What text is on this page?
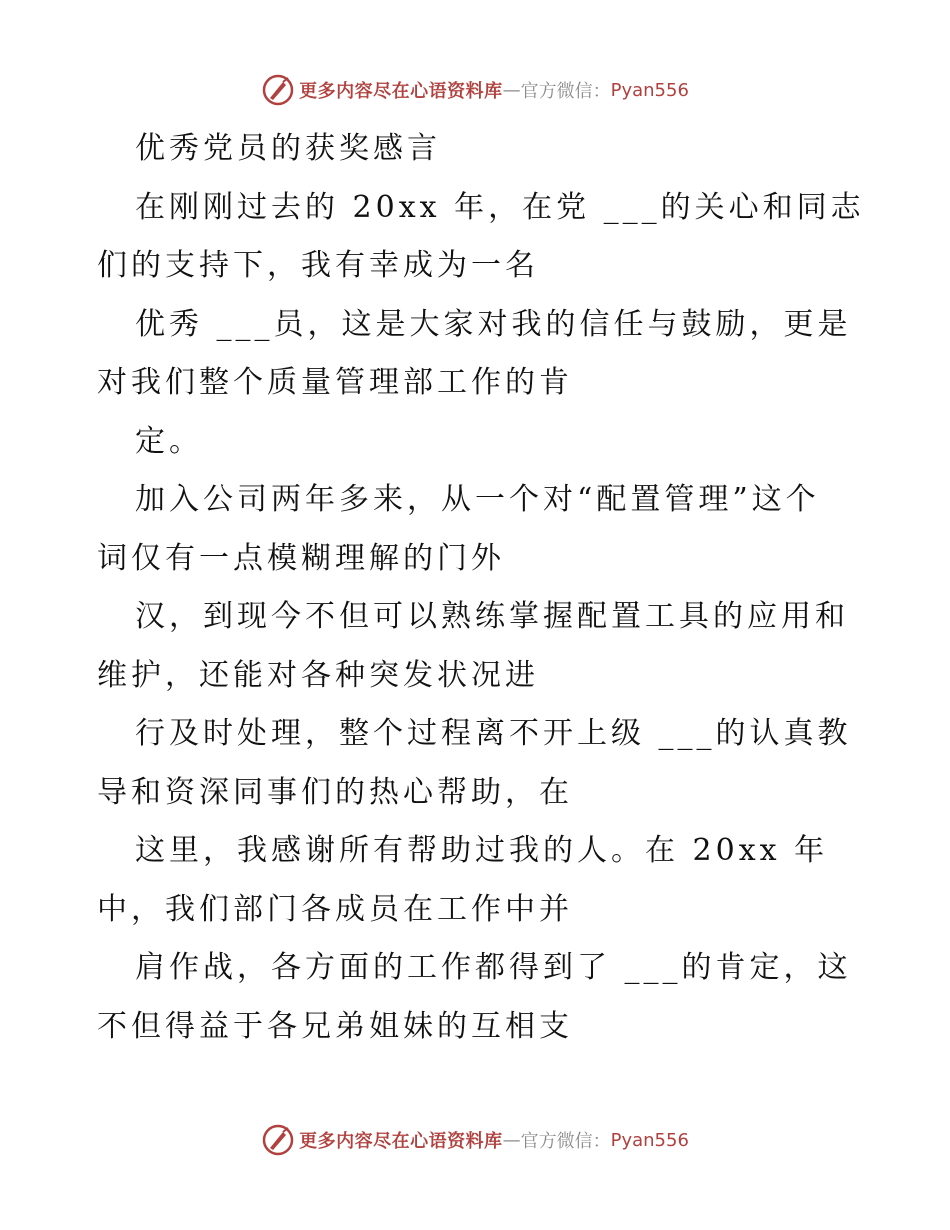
更多内容尽在心语资料库 — 官方微信： Pyan556
优秀党员的获奖感言
在刚刚过去的 20xx 年，在党 ___的关心和同志
们的支持下，我有幸成为一名
优秀 ___员，这是大家对我的信任与鼓励，更是
对我们整个质量管理部工作的肯
定。
加入公司两年多来，从一个对“配置管理”这个
词仅有一点模糊理解的门外
汉，到现今不但可以熟练掌握配置工具的应用和
维护，还能对各种突发状况进
行及时处理，整个过程离不开上级 ___的认真教
导和资深同事们的热心帮助，在
这里，我感谢所有帮助过我的人。在 20xx 年
中，我们部门各成员在工作中并
肩作战，各方面的工作都得到了 ___的肯定，这
不但得益于各兄弟姐妹的互相支
更多内容尽在心语资料库 — 官方微信： Pyan556
